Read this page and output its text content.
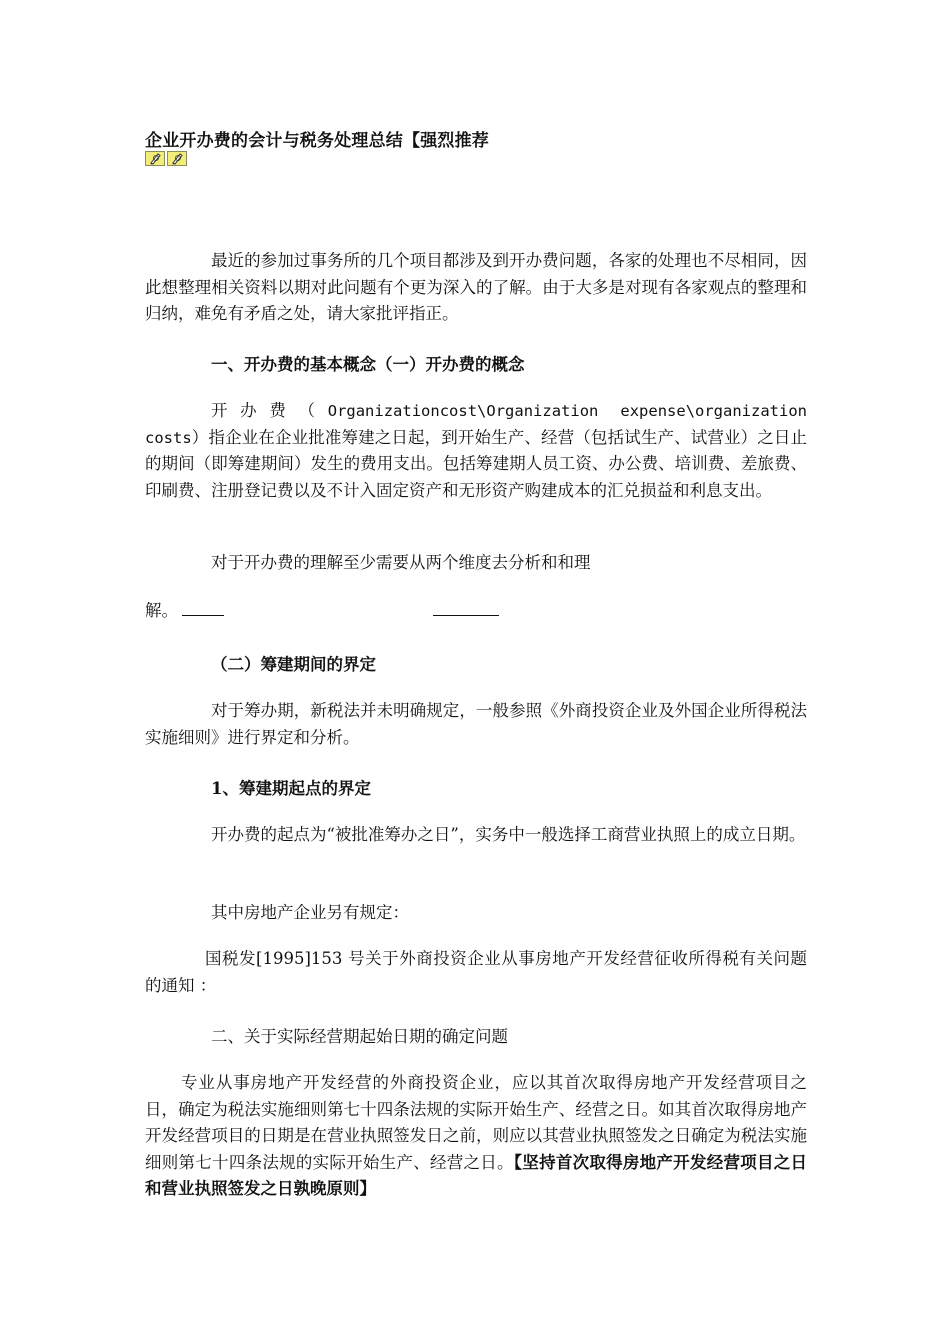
企业开办费的会计与税务处理总结【强烈推荐

最近的参加过事务所的几个项目都涉及到开办费问题，各家的处理也不尽相同，因此想整理相关资料以期对此问题有个更为深入的了解。由于大多是对现有各家观点的整理和归纳，难免有矛盾之处，请大家批评指正。

一、开办费的基本概念（一）开办费的概念

开办费（Organizationcost\Organization expense\organization costs）指企业在企业批准筹建之日起，到开始生产、经营（包括试生产、试营业）之日止的期间（即筹建期间）发生的费用支出。包括筹建期人员工资、办公费、培训费、差旅费、印刷费、注册登记费以及不计入固定资产和无形资产购建成本的汇兑损益和利息支出。

对于开办费的理解至少需要从两个维度去分析和和理
解。
（二）筹建期间的界定

对于筹办期，新税法并未明确规定，一般参照《外商投资企业及外国企业所得税法实施细则》进行界定和分析。

1、筹建期起点的界定

开办费的起点为“被批准筹办之日”，实务中一般选择工商营业执照上的成立日期。

其中房地产企业另有规定：

国税发[1995]153 号关于外商投资企业从事房地产开发经营征收所得税有关问题的通知 ：

二、关于实际经营期起始日期的确定问题

专业从事房地产开发经营的外商投资企业，应以其首次取得房地产开发经营项目之日，确定为税法实施细则第七十四条法规的实际开始生产、经营之日。如其首次取得房地产开发经营项目的日期是在营业执照签发日之前，则应以其营业执照签发之日确定为税法实施细则第七十四条法规的实际开始生产、经营之日。【坚持首次取得房地产开发经营项目之日和营业执照签发之日孰晚原则】
